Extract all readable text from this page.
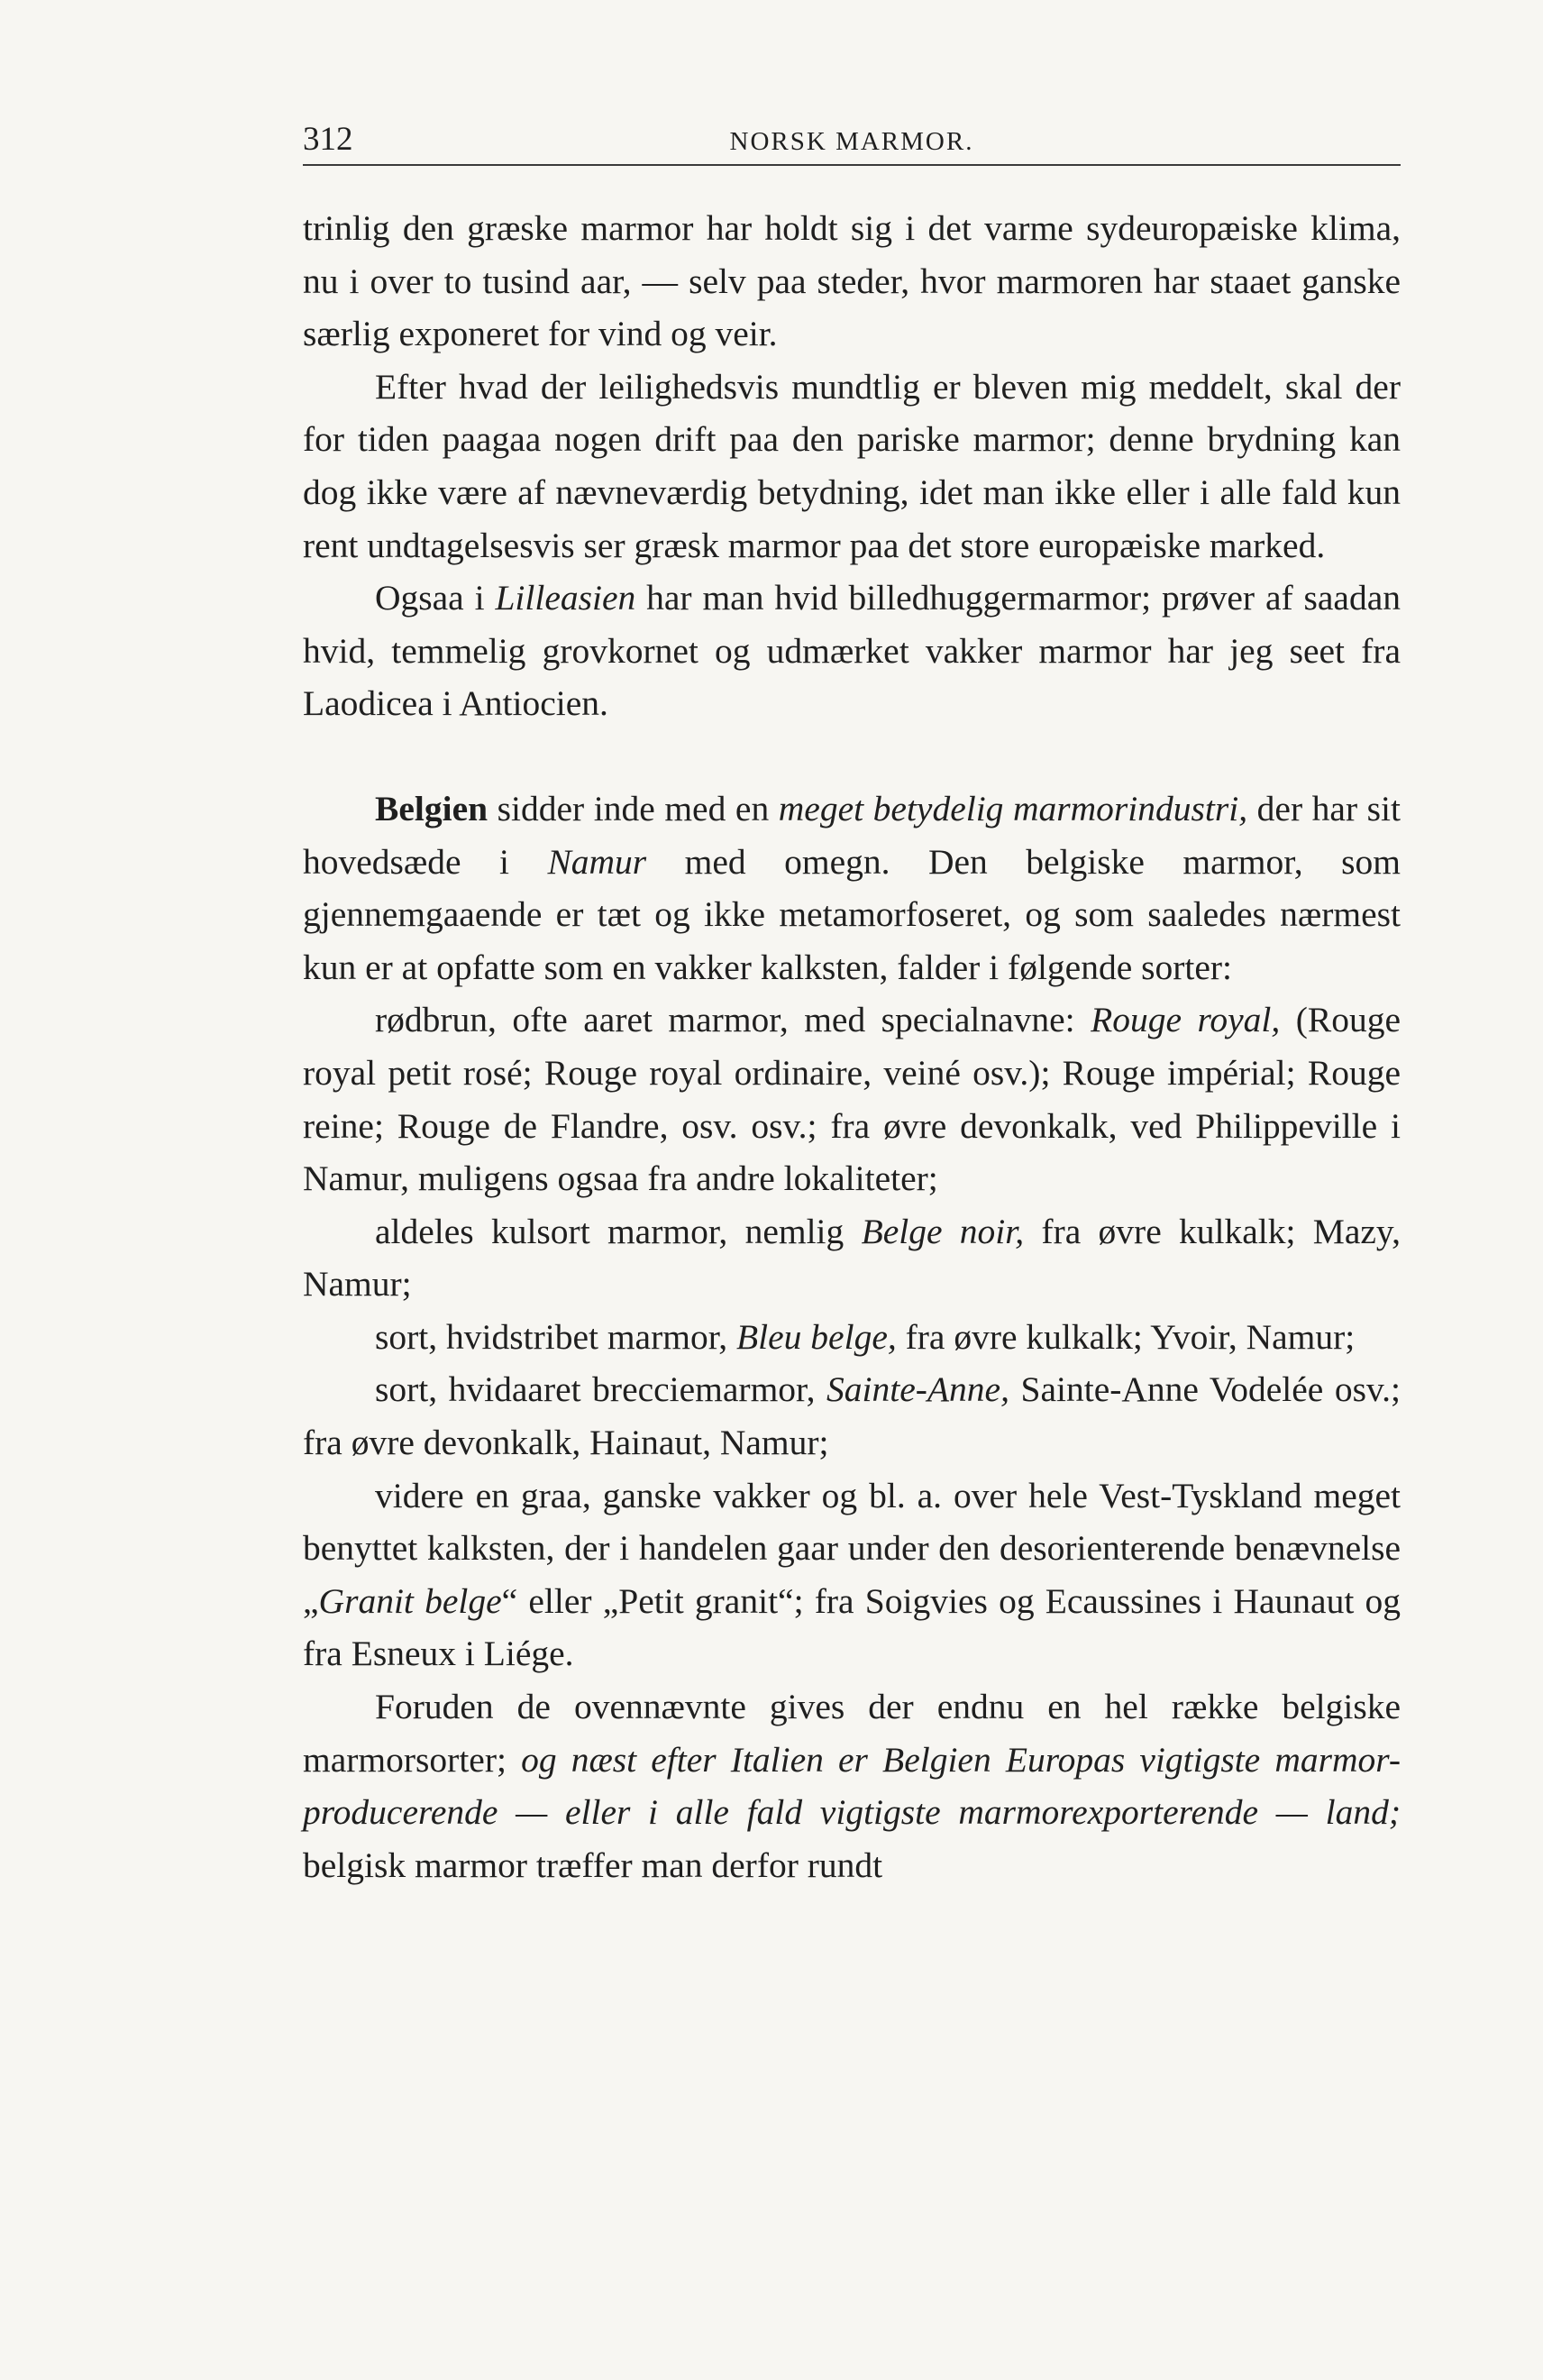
312	NORSK MARMOR.

trinlig den græske marmor har holdt sig i det varme sydeuropæiske klima, nu i over to tusind aar, — selv paa steder, hvor marmoren har staaet ganske særlig exponeret for vind og veir.

Efter hvad der leilighedsvis mundtlig er bleven mig meddelt, skal der for tiden paagaa nogen drift paa den pariske marmor; denne brydning kan dog ikke være af nævneværdig betydning, idet man ikke eller i alle fald kun rent undtagelsesvis ser græsk marmor paa det store europæiske marked.

Ogsaa i Lilleasien har man hvid billedhuggermarmor; prøver af saadan hvid, temmelig grovkornet og udmærket vakker marmor har jeg seet fra Laodicea i Antiocien.

Belgien sidder inde med en meget betydelig marmorindustri, der har sit hovedsæde i Namur med omegn. Den belgiske marmor, som gjennemgaaende er tæt og ikke metamorfoseret, og som saaledes nærmest kun er at opfatte som en vakker kalksten, falder i følgende sorter:

rødbrun, ofte aaret marmor, med specialnavne: Rouge royal, (Rouge royal petit rosé; Rouge royal ordinaire, veiné osv.); Rouge impérial; Rouge reine; Rouge de Flandre, osv. osv.; fra øvre devonkalk, ved Philippeville i Namur, muligens ogsaa fra andre lokaliteter;

aldeles kulsort marmor, nemlig Belge noir, fra øvre kulkalk; Mazy, Namur;

sort, hvidstribet marmor, Bleu belge, fra øvre kulkalk; Yvoir, Namur;

sort, hvidaaret brecciemarmor, Sainte-Anne, Sainte-Anne Vodelée osv.; fra øvre devonkalk, Hainaut, Namur;

videre en graa, ganske vakker og bl. a. over hele Vest-Tyskland meget benyttet kalksten, der i handelen gaar under den desorienterende benævnelse „Granit belge“ eller „Petit granit“; fra Soigvies og Ecaussines i Haunaut og fra Esneux i Liége.

Foruden de ovennævnte gives der endnu en hel række belgiske marmorsorter; og næst efter Italien er Belgien Europas vigtigste marmor-producerende — eller i alle fald vigtigste marmorexporterende — land; belgisk marmor træffer man derfor rundt
